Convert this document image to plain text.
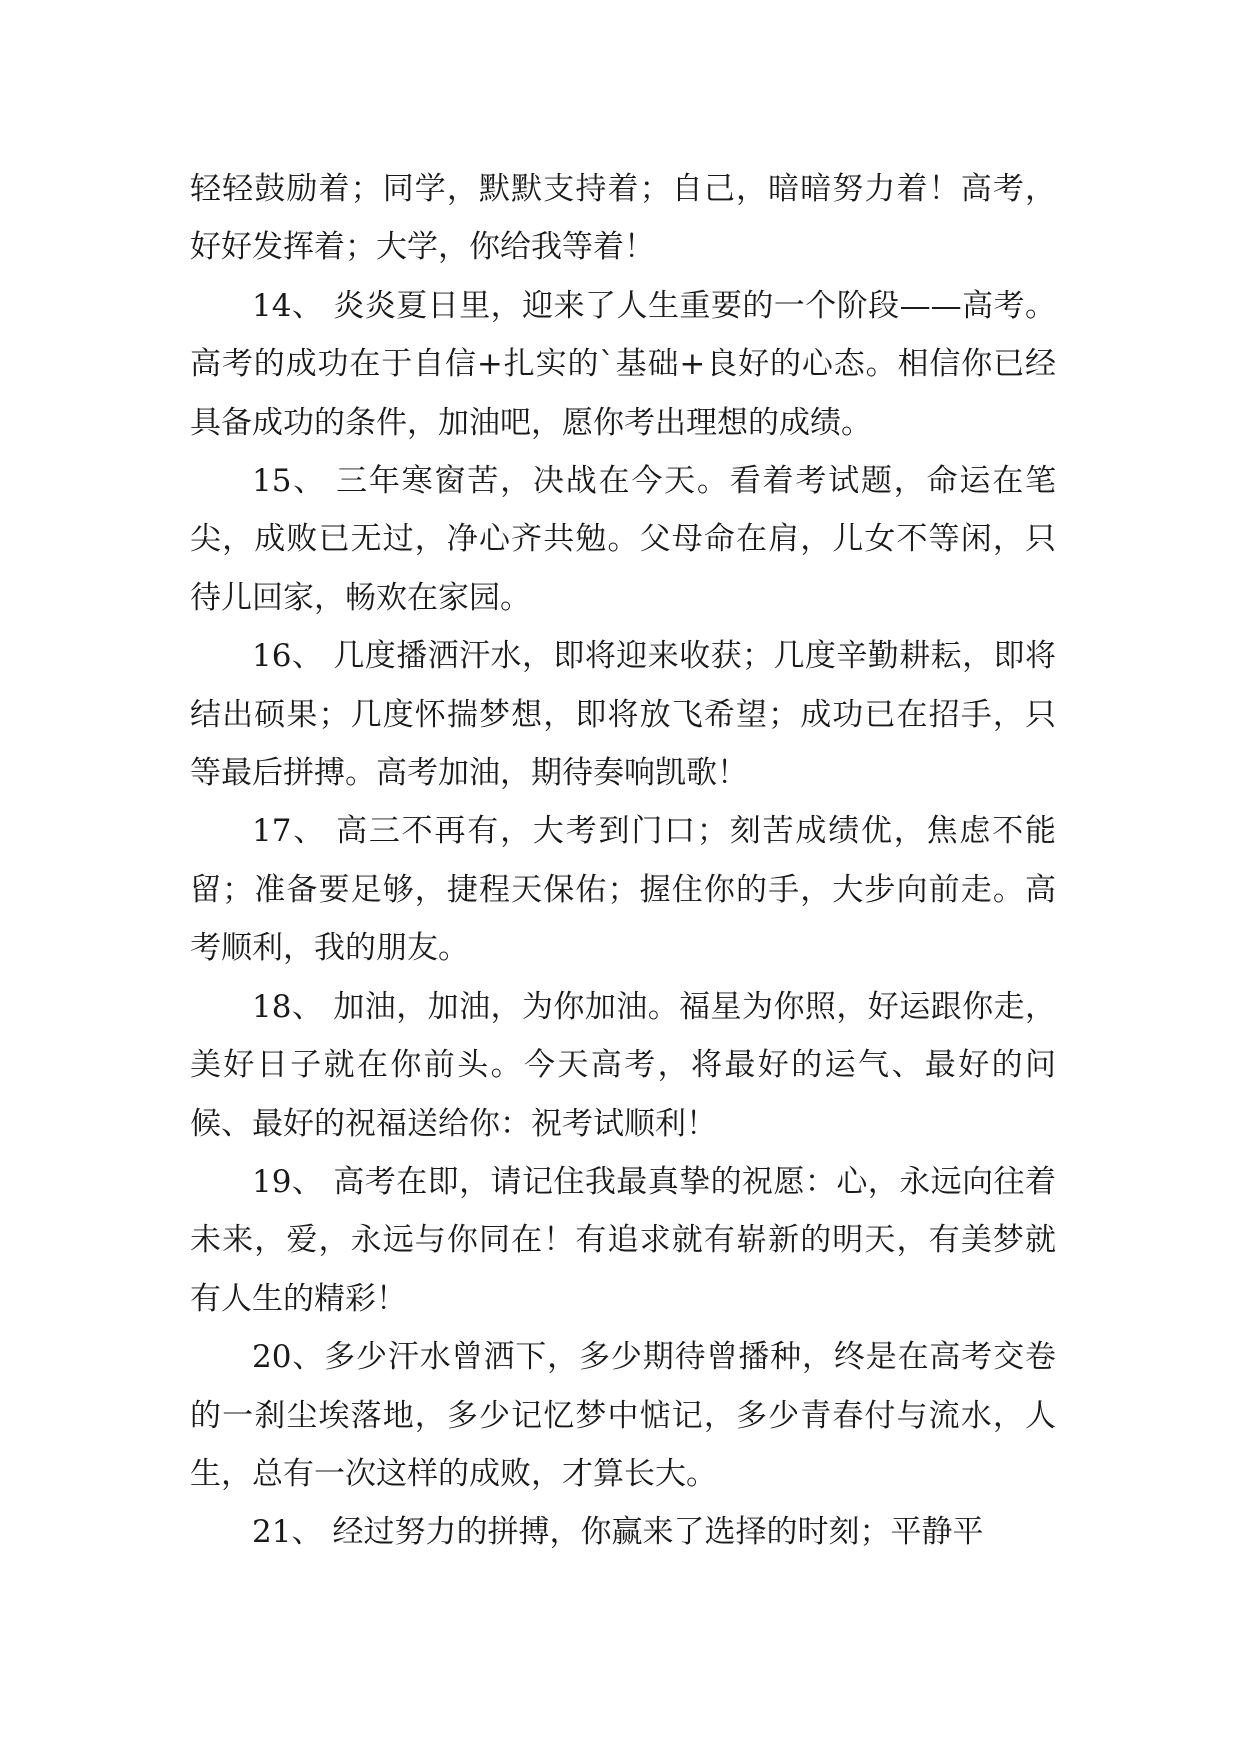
轻轻鼓励着；同学，默默支持着；自己，暗暗努力着！高考，好好发挥着；大学，你给我等着！

14、 炎炎夏日里，迎来了人生重要的一个阶段——高考。高考的成功在于自信+扎实的`基础+良好的心态。相信你已经具备成功的条件，加油吧，愿你考出理想的成绩。

15、 三年寒窗苦，决战在今天。看着考试题，命运在笔尖，成败已无过，净心齐共勉。父母命在肩，儿女不等闲，只待儿回家，畅欢在家园。

16、 几度播洒汗水，即将迎来收获；几度辛勤耕耘，即将结出硕果；几度怀揣梦想，即将放飞希望；成功已在招手，只等最后拼搏。高考加油，期待奏响凯歌！

17、 高三不再有，大考到门口；刻苦成绩优，焦虑不能留；准备要足够，捷程天保佑；握住你的手，大步向前走。高考顺利，我的朋友。

18、 加油，加油，为你加油。福星为你照，好运跟你走，美好日子就在你前头。今天高考，将最好的运气、最好的问候、最好的祝福送给你：祝考试顺利！

19、 高考在即，请记住我最真挚的祝愿：心，永远向往着未来，爱，永远与你同在！有追求就有崭新的明天，有美梦就有人生的精彩！

20、多少汗水曾洒下，多少期待曾播种，终是在高考交卷的一刹尘埃落地，多少记忆梦中惦记，多少青春付与流水，人生，总有一次这样的成败，才算长大。

21、 经过努力的拼搏，你赢来了选择的时刻；平静平
